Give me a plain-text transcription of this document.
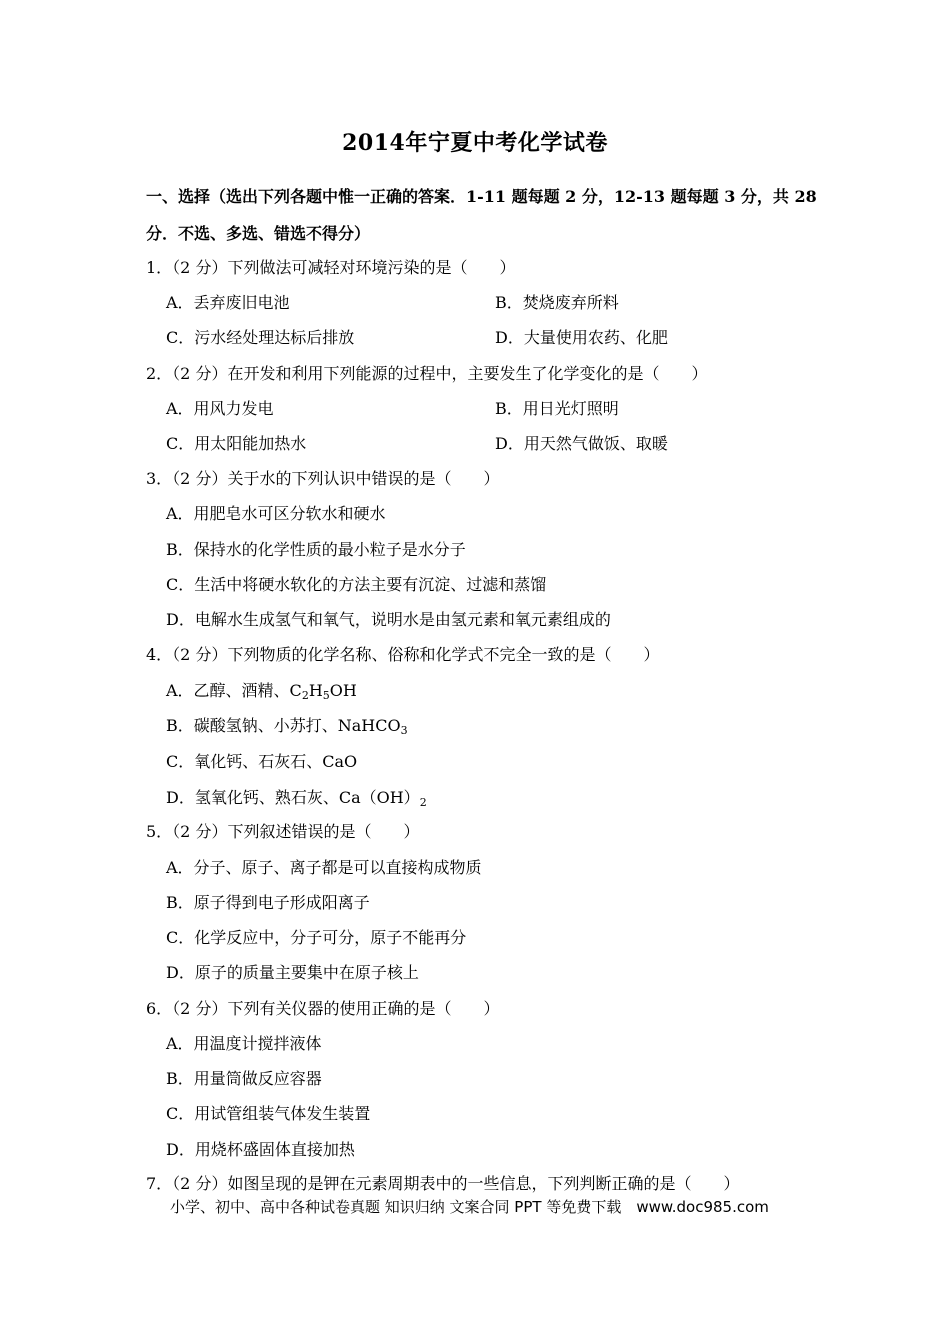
2014年宁夏中考化学试卷
一、选择（选出下列各题中惟一正确的答案．1-11 题每题 2 分，12-13 题每题 3 分，共 28
分．不选、多选、错选不得分）
1．（2 分）下列做法可减轻对环境污染的是（　　）
A．丢弃废旧电池	B．焚烧废弃所料
C．污水经处理达标后排放	D．大量使用农药、化肥
2．（2 分）在开发和利用下列能源的过程中，主要发生了化学变化的是（　　）
A．用风力发电	B．用日光灯照明
C．用太阳能加热水	D．用天然气做饭、取暖
3．（2 分）关于水的下列认识中错误的是（　　）
A．用肥皂水可区分软水和硬水
B．保持水的化学性质的最小粒子是水分子
C．生活中将硬水软化的方法主要有沉淀、过滤和蒸馏
D．电解水生成氢气和氧气，说明水是由氢元素和氧元素组成的
4．（2 分）下列物质的化学名称、俗称和化学式不完全一致的是（　　）
A．乙醇、酒精、$C_2H_5OH$
B．碳酸氢钠、小苏打、NaHCO$_3$
C．氧化钙、石灰石、CaO
D．氢氧化钙、熟石灰、$Ca(OH)_2$
5．（2 分）下列叙述错误的是（　　）
A．分子、原子、离子都是可以直接构成物质
B．原子得到电子形成阳离子
C．化学反应中，分子可分，原子不能再分
D．原子的质量主要集中在原子核上
6．（2 分）下列有关仪器的使用正确的是（　　）
A．用温度计搅拌液体
B．用量筒做反应容器
C．用试管组装气体发生装置
D．用烧杯盛固体直接加热
7．（2 分）如图呈现的是钾在元素周期表中的一些信息，下列判断正确的是（　　）
小学、初中、高中各种试卷真题 知识归纳 文案合同 PPT 等免费下载　www.doc985.com
